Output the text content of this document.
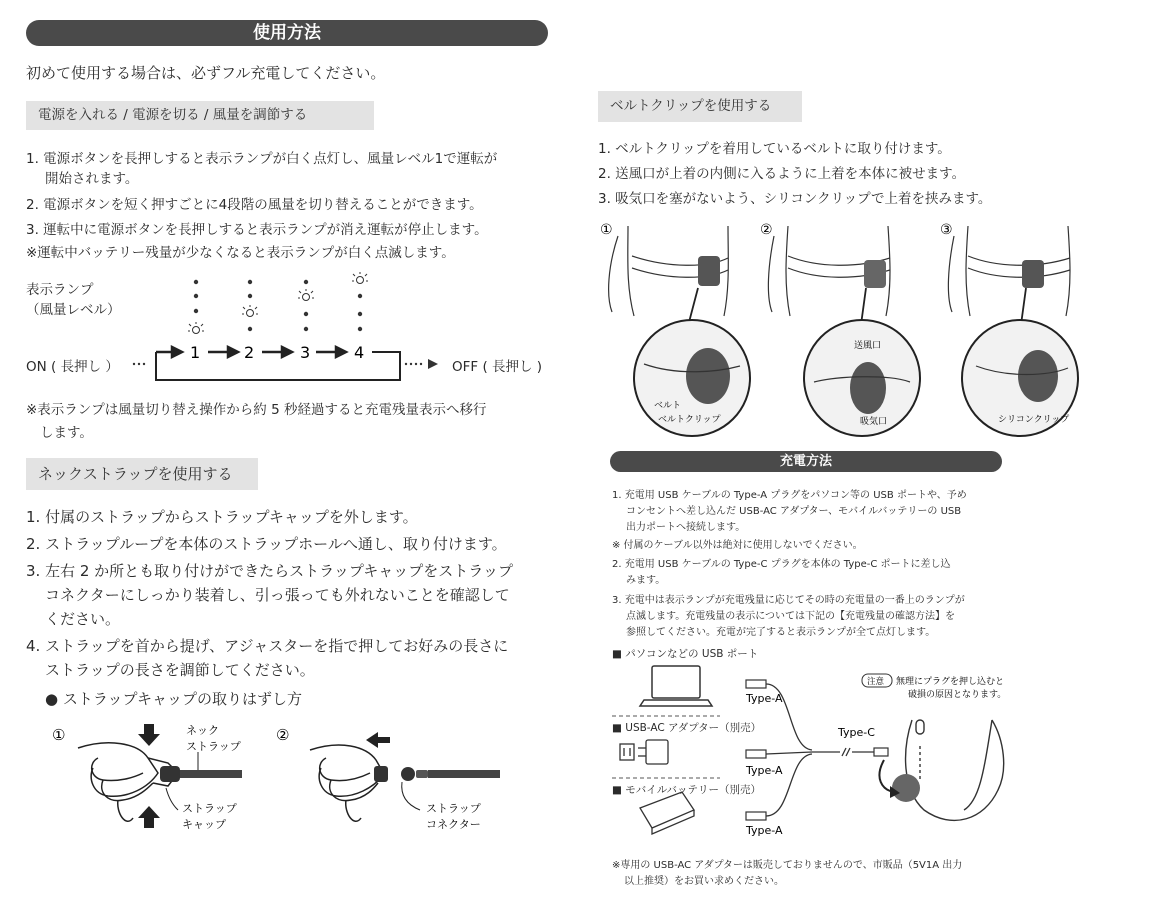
使用方法
初めて使用する場合は、必ずフル充電してください。
電源を入れる / 電源を切る / 風量を調節する
1. 電源ボタンを長押しすると表示ランプが白く点灯し、風量レベル1で運転が
開始されます。
2. 電源ボタンを短く押すごとに4段階の風量を切り替えることができます。
3. 運転中に電源ボタンを長押しすると表示ランプが消え運転が停止します。
※運転中バッテリー残量が少なくなると表示ランプが白く点滅します。
表示ランプ
（風量レベル）
ON ( 長押し ）	OFF ( 長押し )
1	2	3	4
※表示ランプは風量切り替え操作から約 5 秒経過すると充電残量表示へ移行
します。
ネックストラップを使用する
1. 付属のストラップからストラップキャップを外します。
2. ストラップループを本体のストラップホールへ通し、取り付けます。
3. 左右 2 か所とも取り付けができたらストラップキャップをストラップ
コネクターにしっかり装着し、引っ張っても外れないことを確認して
ください。
4. ストラップを首から提げ、アジャスターを指で押してお好みの長さに
ストラップの長さを調節してください。
● ストラップキャップの取りはずし方
①	②
ネック
ストラップ
ストラップ
キャップ
ストラップ
コネクター
ベルトクリップを使用する
1. ベルトクリップを着用しているベルトに取り付けます。
2. 送風口が上着の内側に入るように上着を本体に被せます。
3. 吸気口を塞がないよう、シリコンクリップで上着を挟みます。
①	②	③
ベルト
ベルトクリップ
送風口
吸気口	シリコンクリップ
充電方法
1. 充電用 USB ケーブルの Type-A プラグをパソコン等の USB ポートや、予め
コンセントへ差し込んだ USB-AC アダプター、モバイルバッテリーの USB
出力ポートへ接続します。
※ 付属のケーブル以外は絶対に使用しないでください。
2. 充電用 USB ケーブルの Type-C プラグを本体の Type-C ポートに差し込
みます。
3. 充電中は表示ランプが充電残量に応じてその時の充電量の一番上のランプが
点滅します。充電残量の表示については下記の【充電残量の確認方法】を
参照してください。充電が完了すると表示ランプが全て点灯します。
■ パソコンなどの USB ポート
■ USB-AC アダプター（別売）
■ モバイルバッテリー（別売）
Type-A
Type-A
Type-A
Type-C
注意 無理にプラグを押し込むと
破損の原因となります。
※専用の USB-AC アダプターは販売しておりませんので、市販品（5V1A 出力
以上推奨）をお買い求めください。
